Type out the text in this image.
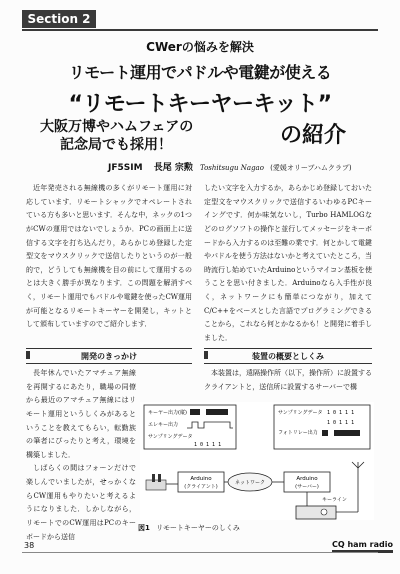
Section 2
CWerの悩みを解決
リモート運用でパドルや電鍵が使える
“リモートキーヤーキット”
大阪万博やハムフェアの
記念局でも採用！	の紹介
JF5SIM 長尾 宗勲 Toshitsugu Nagao (愛媛オリーブハムクラブ)

近年発売される無線機の多くがリモート運用に対応しています．リモートシャックでオペレートされている方も多いと思います．そんな中，ネックの1つがCWの運用ではないでしょうか．PCの画面上に送信する文字を打ち込んだり，あらかじめ登録した定型文をマウスクリックで送信したりというのが一般的で，どうしても無線機を目の前にして運用するのとは大きく勝手が異なります．この問題を解消すべく，リモート運用でもパドルや電鍵を使ったCW運用が可能となるリモートキーヤーを開発し，キットとして頒布していますのでご紹介します．

したい文字を入力するか，あらかじめ登録しておいた定型文をマウスクリックで送信するいわゆるPCキーイングです．何か味気ないし，Turbo HAMLOGなどのログソフトの操作と並行してメッセージをキーボードから入力するのは至難の業です．何とかして電鍵やパドルを使う方法はないかと考えていたところ，当時流行し始めていたArduinoというマイコン基板を使うことを思い付きました．Arduinoなら入手性が良く，ネットワークにも簡単につながり，加えてC/C++をベースとした言語でプログラミングできることから，これなら何とかなるかも！と開発に着手しました．

開発のきっかけ	装置の概要としくみ

長年休んでいたアマチュア無線を再開するにあたり，職場の同僚から最近のアマチュア無線にはリモート運用というしくみがあるということを教えてもらい，転勤族の筆者にぴったりと考え，環境を構築しました．

しばらくの間はフォーンだけで楽しんでいましたが，せっかくならCW運用もやりたいと考えるようになりました．しかしながら，リモートでのCW運用はPCのキーボードから送信

本装置は，遠隔操作所（以下，操作所）に設置するクライアントと，送信所に設置するサーバーで構

キーヤー出力(縦)
エレキー出力
サンプリングデータ
1 0 1 1 1
サンプリングデータ
フォトリレー出力
1 0 1 1 1
1 0 1 1 1
Arduino
(クライアント)
ネットワーク
Arduino
(サーバー)
キーライン
図1 リモートキーヤーのしくみ
38	CQ ham radio
